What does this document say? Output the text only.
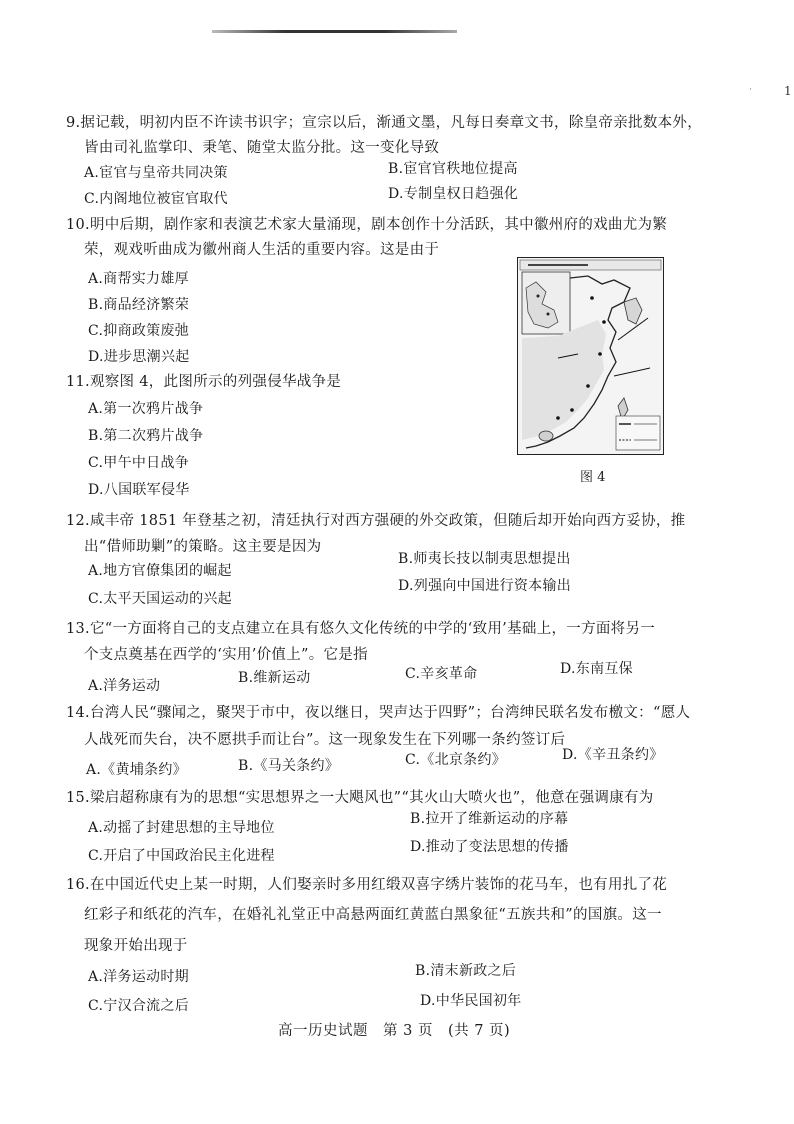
˙	1
9.据记载，明初内臣不许读书识字；宣宗以后，渐通文墨，凡每日奏章文书，除皇帝亲批数本外，
皆由司礼监掌印、秉笔、随堂太监分批。这一变化导致
A.宦官与皇帝共同决策	B.宦官官秩地位提高
C.内阁地位被宦官取代	D.专制皇权日趋强化
10.明中后期，剧作家和表演艺术家大量涌现，剧本创作十分活跃，其中徽州府的戏曲尤为繁
荣，观戏听曲成为徽州商人生活的重要内容。这是由于
A.商帮实力雄厚
B.商品经济繁荣
C.抑商政策废弛
D.进步思潮兴起
11.观察图 4，此图所示的列强侵华战争是
A.第一次鸦片战争
B.第二次鸦片战争
C.甲午中日战争
D.八国联军侵华
图 4
12.咸丰帝 1851 年登基之初，清廷执行对西方强硬的外交政策，但随后却开始向西方妥协，推
出“借师助剿”的策略。这主要是因为
A.地方官僚集团的崛起
B.师夷长技以制夷思想提出
C.太平天国运动的兴起
D.列强向中国进行资本输出
13.它“一方面将自己的支点建立在具有悠久文化传统的中学的‘致用’基础上，一方面将另一
个支点奠基在西学的‘实用’价值上”。它是指
A.洋务运动	B.维新运动	C.辛亥革命	D.东南互保
14.台湾人民“骤闻之，聚哭于市中，夜以继日，哭声达于四野”；台湾绅民联名发布檄文：“愿人
人战死而失台，决不愿拱手而让台”。这一现象发生在下列哪一条约签订后
A.《黄埔条约》	B.《马关条约》	C.《北京条约》	D.《辛丑条约》
15.梁启超称康有为的思想“实思想界之一大飓风也”“其火山大喷火也”，他意在强调康有为
A.动摇了封建思想的主导地位
B.拉开了维新运动的序幕
C.开启了中国政治民主化进程
D.推动了变法思想的传播
16.在中国近代史上某一时期，人们娶亲时多用红缎双喜字绣片装饰的花马车，也有用扎了花
红彩子和纸花的汽车，在婚礼礼堂正中高悬两面红黄蓝白黑象征“五族共和”的国旗。这一
现象开始出现于
A.洋务运动时期	B.清末新政之后
C.宁汉合流之后	D.中华民国初年
高一历史试题　第 3 页　(共 7 页)
